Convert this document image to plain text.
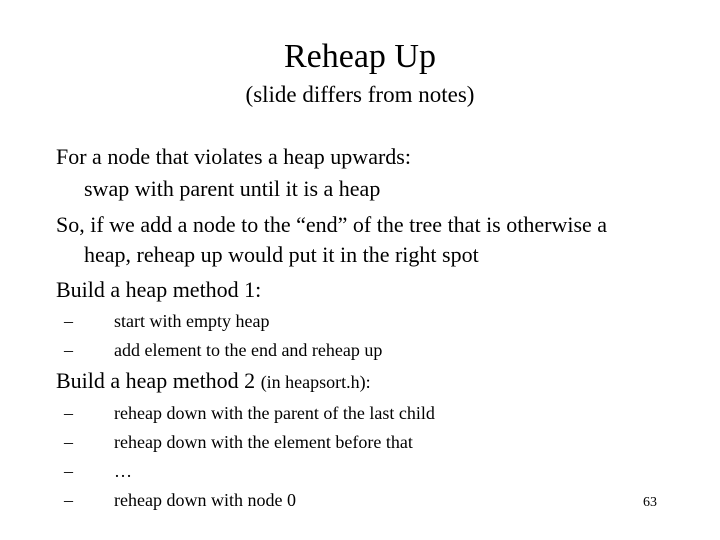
Reheap Up
(slide differs from notes)
For a node that violates a heap upwards:
swap with parent until it is a heap
So, if we add a node to the “end” of the tree that is otherwise a
heap, reheap up would put it in the right spot
Build a heap method 1:
– start with empty heap
– add element to the end and reheap up
Build a heap method 2 (in heapsort.h):
– reheap down with the parent of the last child
– reheap down with the element before that
– …
– reheap down with node 0	63
